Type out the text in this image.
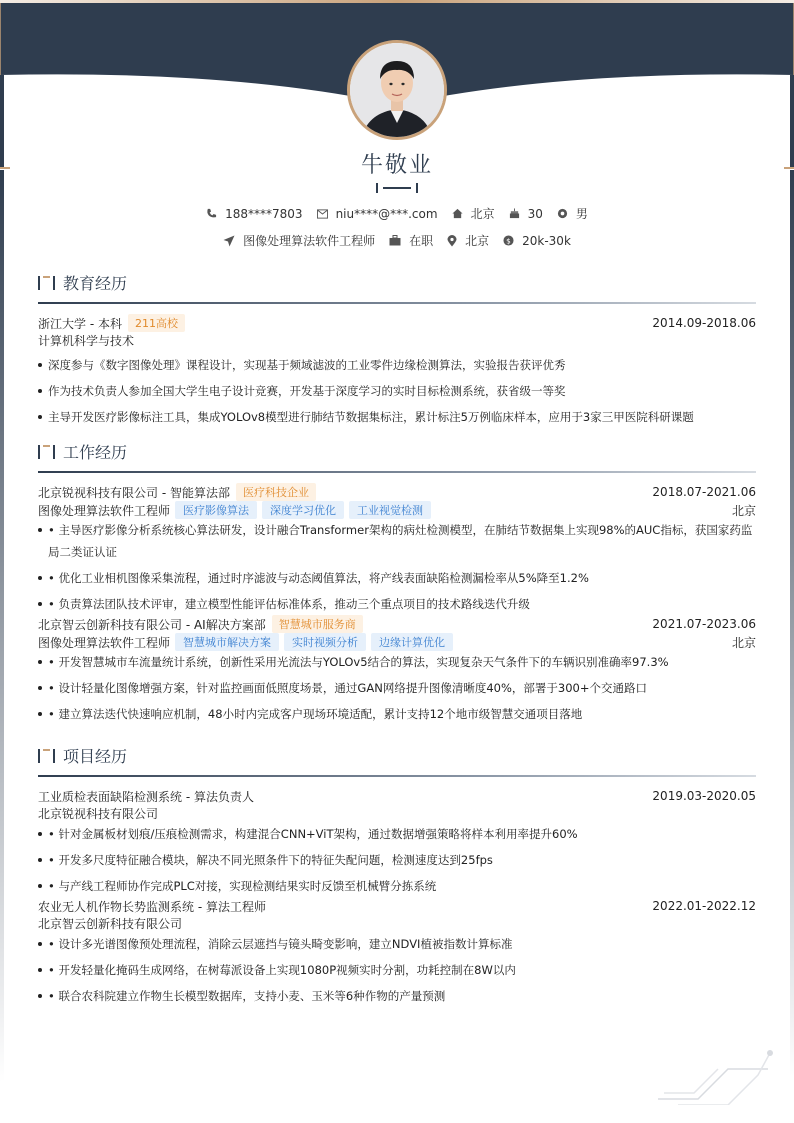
牛敬业
188****7803	niu****@***.com	北京	30	男
图像处理算法软件工程师	在职	北京 $ 20k-30k
教育经历
浙江大学 - 本科	211高校	2014.09-2018.06
计算机科学与技术
深度参与《数字图像处理》课程设计，实现基于频域滤波的工业零件边缘检测算法，实验报告获评优秀
作为技术负责人参加全国大学生电子设计竞赛，开发基于深度学习的实时目标检测系统，获省级一等奖
主导开发医疗影像标注工具，集成YOLOv8模型进行肺结节数据集标注，累计标注5万例临床样本，应用于3家三甲医院科研课题
工作经历
北京锐视科技有限公司 - 智能算法部	医疗科技企业	2018.07-2021.06
图像处理算法软件工程师	医疗影像算法	深度学习优化	工业视觉检测	北京
• 主导医疗影像分析系统核心算法研发，设计融合Transformer架构的病灶检测模型，在肺结节数据集上实现98%的AUC指标，获国家药监局二类证认证
• 优化工业相机图像采集流程，通过时序滤波与动态阈值算法，将产线表面缺陷检测漏检率从5%降至1.2%
• 负责算法团队技术评审，建立模型性能评估标准体系，推动三个重点项目的技术路线迭代升级
北京智云创新科技有限公司 - AI解决方案部	智慧城市服务商	2021.07-2023.06
图像处理算法软件工程师	智慧城市解决方案	实时视频分析	边缘计算优化	北京
• 开发智慧城市车流量统计系统，创新性采用光流法与YOLOv5结合的算法，实现复杂天气条件下的车辆识别准确率97.3%
• 设计轻量化图像增强方案，针对监控画面低照度场景，通过GAN网络提升图像清晰度40%，部署于300+个交通路口
• 建立算法迭代快速响应机制，48小时内完成客户现场环境适配，累计支持12个地市级智慧交通项目落地
项目经历
工业质检表面缺陷检测系统 - 算法负责人	2019.03-2020.05
北京锐视科技有限公司
• 针对金属板材划痕/压痕检测需求，构建混合CNN+ViT架构，通过数据增强策略将样本利用率提升60%
• 开发多尺度特征融合模块，解决不同光照条件下的特征失配问题，检测速度达到25fps
• 与产线工程师协作完成PLC对接，实现检测结果实时反馈至机械臂分拣系统
农业无人机作物长势监测系统 - 算法工程师	2022.01-2022.12
北京智云创新科技有限公司
• 设计多光谱图像预处理流程，消除云层遮挡与镜头畸变影响，建立NDVI植被指数计算标准
• 开发轻量化掩码生成网络，在树莓派设备上实现1080P视频实时分割，功耗控制在8W以内
• 联合农科院建立作物生长模型数据库，支持小麦、玉米等6种作物的产量预测
